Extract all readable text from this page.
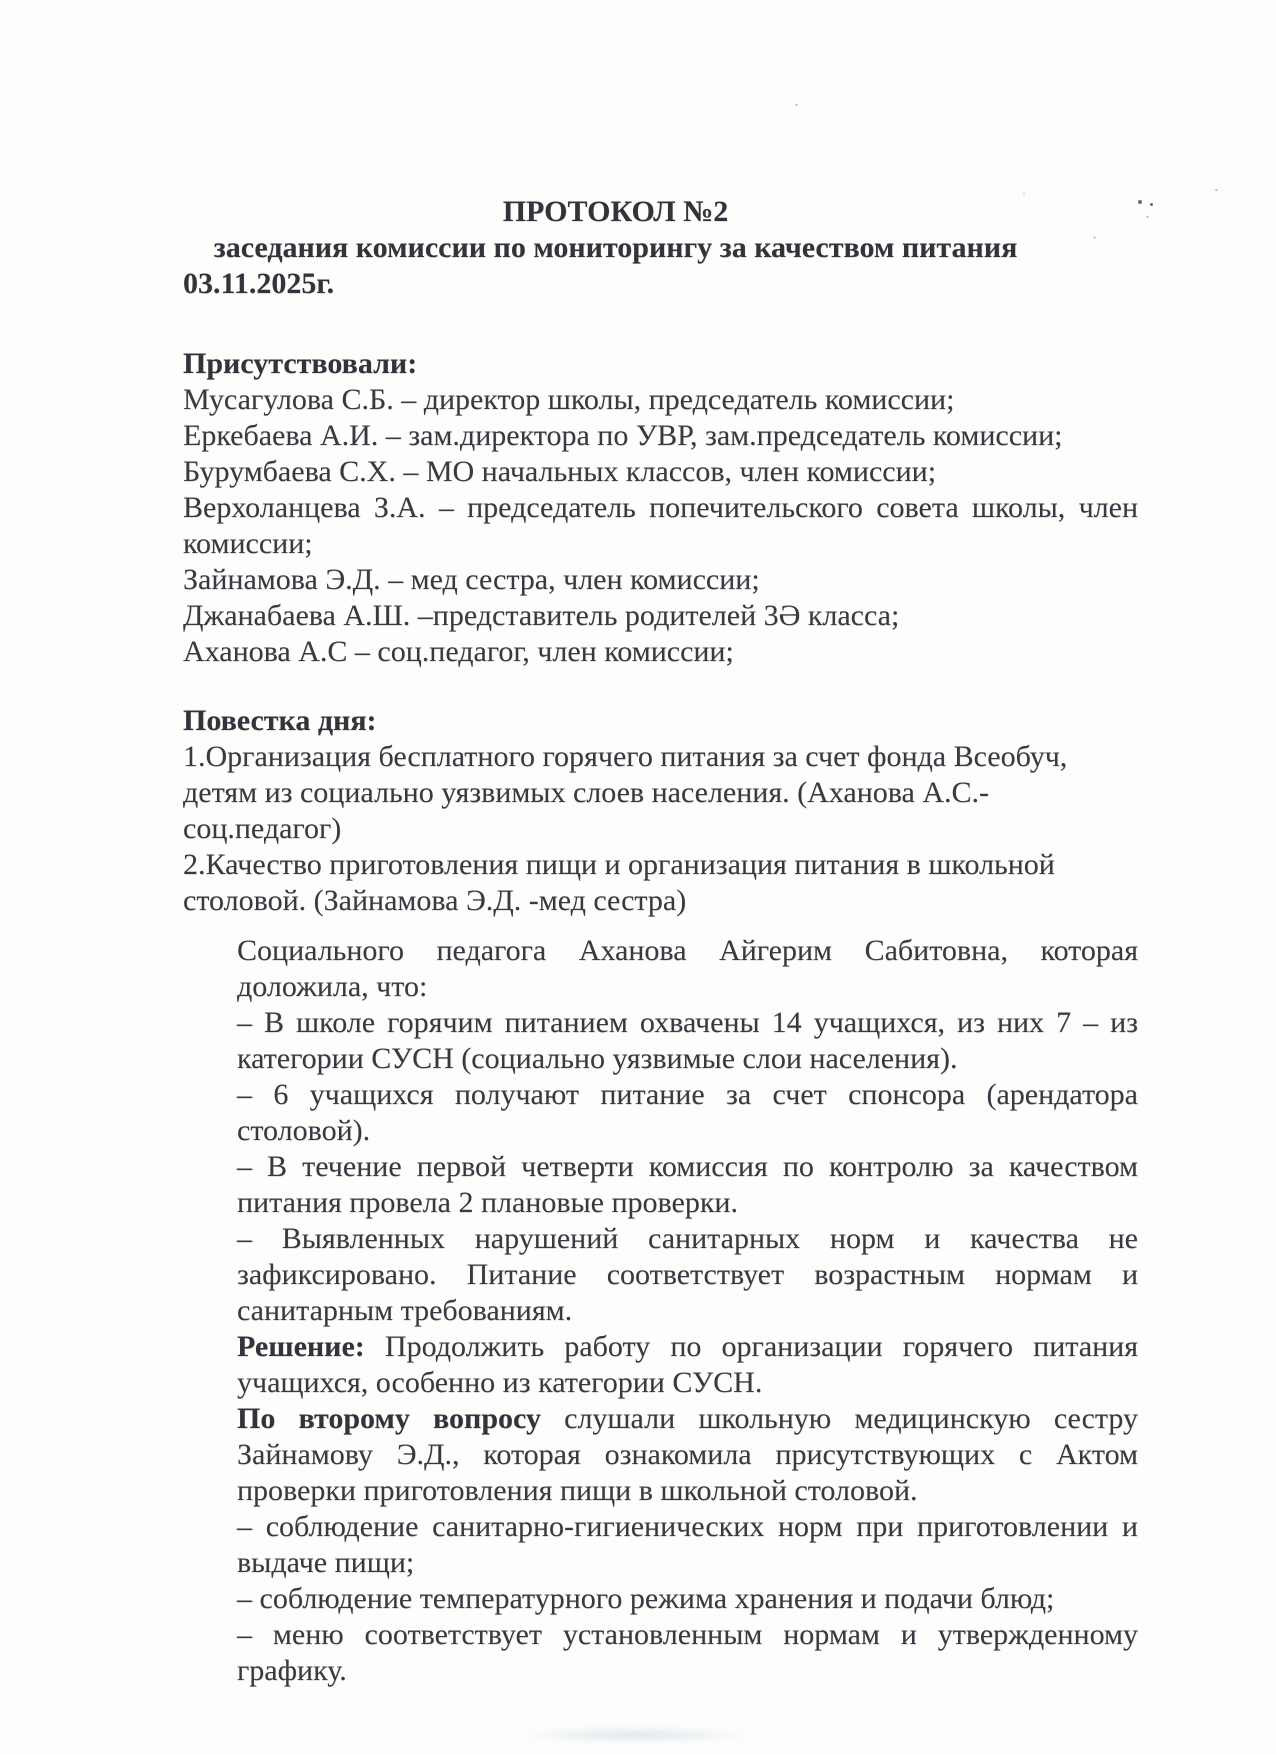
ПРОТОКОЛ №2
заседания комиссии по мониторингу за качеством питания
03.11.2025г.
Присутствовали:

Мусагулова С.Б. – директор школы, председатель комиссии;

Еркебаева А.И. – зам.директора по УВР, зам.председатель комиссии;

Бурумбаева С.Х. – МО начальных классов, член комиссии;

Верхоланцева З.А. – председатель попечительского совета школы, член комиссии;

Зайнамова Э.Д. – мед сестра, член комиссии;

Джанабаева А.Ш. –представитель родителей 3Ә класса;

Аханова А.С – соц.педагог, член комиссии;

Повестка дня:

1.Организация бесплатного горячего питания за счет фонда Всеобуч, детям из социально уязвимых слоев населения. (Аханова А.С.-соц.педагог)

2.Качество приготовления пищи и организация питания в школьной столовой. (Зайнамова Э.Д. -мед сестра)

Социального педагога Аханова Айгерим Сабитовна, которая доложила, что:

– В школе горячим питанием охвачены 14 учащихся, из них 7 – из категории СУСН (социально уязвимые слои населения).

– 6 учащихся получают питание за счет спонсора (арендатора столовой).

– В течение первой четверти комиссия по контролю за качеством питания провела 2 плановые проверки.

– Выявленных нарушений санитарных норм и качества не зафиксировано. Питание соответствует возрастным нормам и санитарным требованиям.

Решение: Продолжить работу по организации горячего питания учащихся, особенно из категории СУСН.

По второму вопросу слушали школьную медицинскую сестру Зайнамову Э.Д., которая ознакомила присутствующих с Актом проверки приготовления пищи в школьной столовой.

– соблюдение санитарно-гигиенических норм при приготовлении и выдаче пищи;

– соблюдение температурного режима хранения и подачи блюд;

– меню соответствует установленным нормам и утвержденному графику.
